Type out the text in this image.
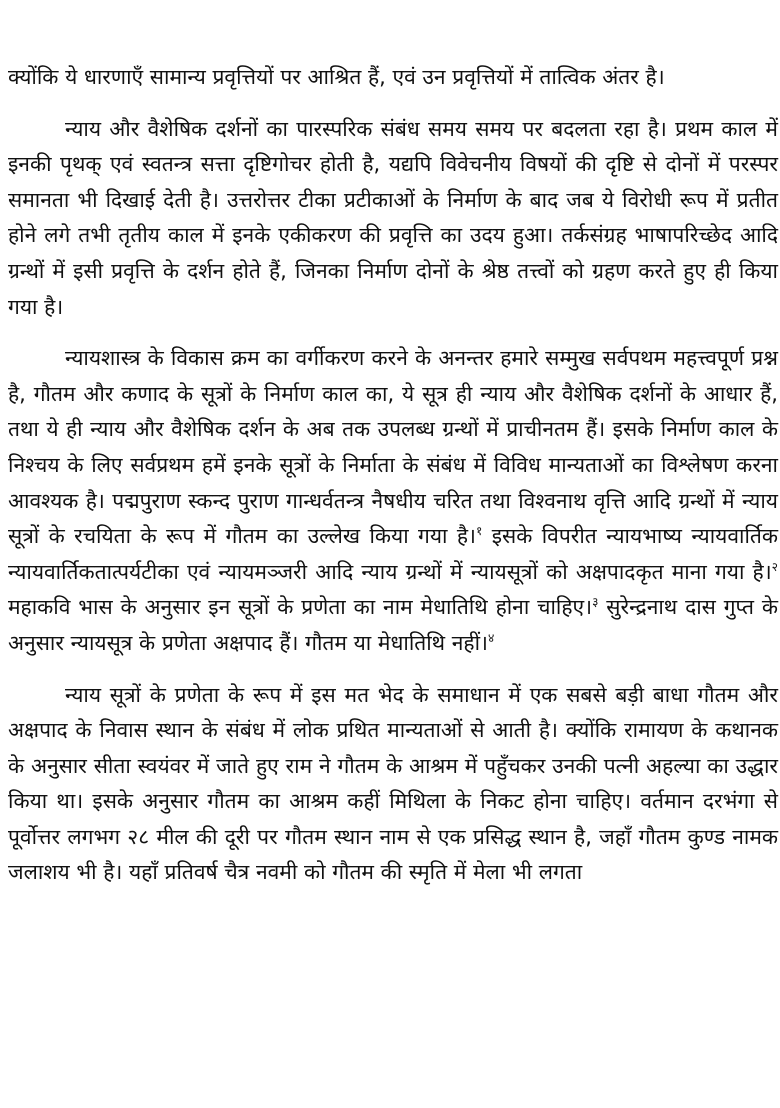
क्योंकि ये धारणाएँ सामान्य प्रवृत्तियों पर आश्रित हैं, एवं उन प्रवृत्तियों में तात्विक अंतर है।

न्याय और वैशेषिक दर्शनों का पारस्परिक संबंध समय समय पर बदलता रहा है। प्रथम काल में इनकी पृथक् एवं स्वतन्त्र सत्ता दृष्टिगोचर होती है, यद्यपि विवेचनीय विषयों की दृष्टि से दोनों में परस्पर समानता भी दिखाई देती है। उत्तरोत्तर टीका प्रटीकाओं के निर्माण के बाद जब ये विरोधी रूप में प्रतीत होने लगे तभी तृतीय काल में इनके एकीकरण की प्रवृत्ति का उदय हुआ। तर्कसंग्रह भाषापरिच्छेद आदि ग्रन्थों में इसी प्रवृत्ति के दर्शन होते हैं, जिनका निर्माण दोनों के श्रेष्ठ तत्त्वों को ग्रहण करते हुए ही किया गया है।

न्यायशास्त्र के विकास क्रम का वर्गीकरण करने के अनन्तर हमारे सम्मुख सर्वपथम महत्त्वपूर्ण प्रश्न है, गौतम और कणाद के सूत्रों के निर्माण काल का, ये सूत्र ही न्याय और वैशेषिक दर्शनों के आधार हैं, तथा ये ही न्याय और वैशेषिक दर्शन के अब तक उपलब्ध ग्रन्थों में प्राचीनतम हैं। इसके निर्माण काल के निश्चय के लिए सर्वप्रथम हमें इनके सूत्रों के निर्माता के संबंध में विविध मान्यताओं का विश्लेषण करना आवश्यक है। पद्मपुराण स्कन्द पुराण गान्धर्वतन्त्र नैषधीय चरित तथा विश्वनाथ वृत्ति आदि ग्रन्थों में न्याय सूत्रों के रचयिता के रूप में गौतम का उल्लेख किया गया है।$^१$ इसके विपरीत न्यायभाष्य न्यायवार्तिक न्यायवार्तिकतात्पर्यटीका एवं न्यायमञ्जरी आदि न्याय ग्रन्थों में न्यायसूत्रों को अक्षपादकृत माना गया है।$^२$ महाकवि भास के अनुसार इन सूत्रों के प्रणेता का नाम मेधातिथि होना चाहिए।$^३$ सुरेन्द्रनाथ दास गुप्त के अनुसार न्यायसूत्र के प्रणेता अक्षपाद हैं। गौतम या मेधातिथि नहीं।$^४$

न्याय सूत्रों के प्रणेता के रूप में इस मत भेद के समाधान में एक सबसे बड़ी बाधा गौतम और अक्षपाद के निवास स्थान के संबंध में लोक प्रथित मान्यताओं से आती है। क्योंकि रामायण के कथानक के अनुसार सीता स्वयंवर में जाते हुए राम ने गौतम के आश्रम में पहुँचकर उनकी पत्नी अहल्या का उद्धार किया था। इसके अनुसार गौतम का आश्रम कहीं मिथिला के निकट होना चाहिए। वर्तमान दरभंगा से पूर्वोत्तर लगभग २८ मील की दूरी पर गौतम स्थान नाम से एक प्रसिद्ध स्थान है, जहाँ गौतम कुण्ड नामक जलाशय भी है। यहाँ प्रतिवर्ष चैत्र नवमी को गौतम की स्मृति में मेला भी लगता
